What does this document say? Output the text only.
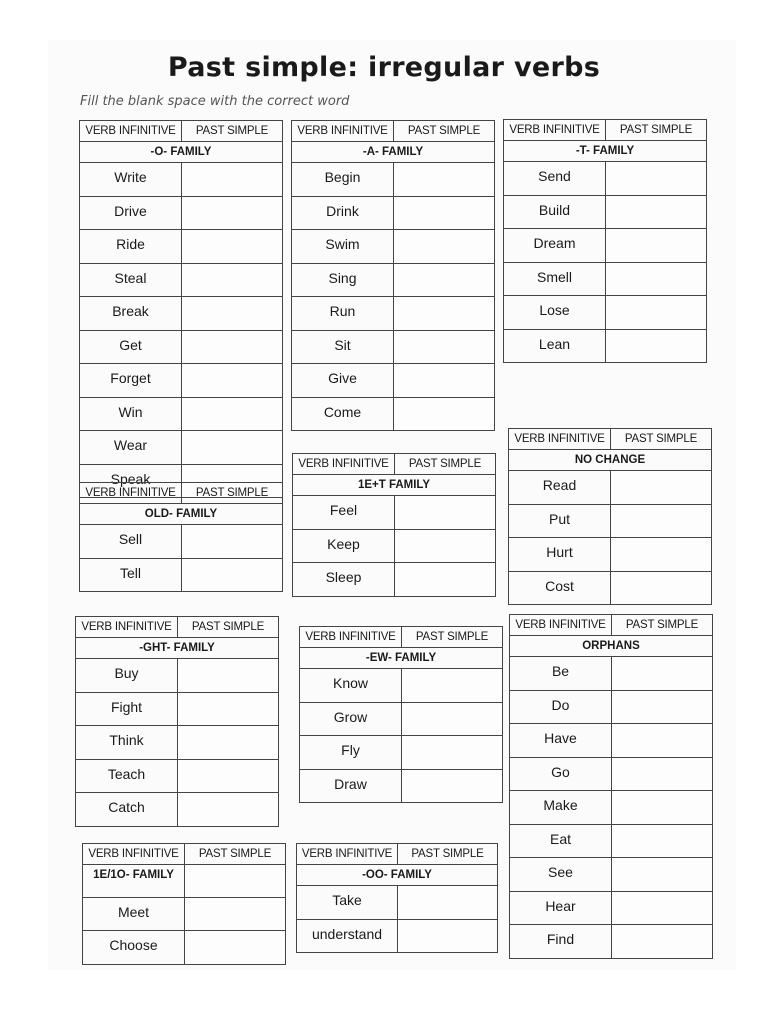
Past simple: irregular verbs
Fill the blank space with the correct word
VERB INFINITIVE	PAST SIMPLE
-O- FAMILY	
Write	
Drive	
Ride	
Steal	
Break	
Get	
Forget	
Win	
Wear	
Speak	
VERB INFINITIVE	PAST SIMPLE
-A- FAMILY	
Begin	
Drink	
Swim	
Sing	
Run	
Sit	
Give	
Come	
VERB INFINITIVE	PAST SIMPLE
-T- FAMILY	
Send	
Build	
Dream	
Smell	
Lose	
Lean	
VERB INFINITIVE	PAST SIMPLE
NO CHANGE	
Read	
Put	
Hurt	
Cost	
VERB INFINITIVE	PAST SIMPLE
1E+T FAMILY	
Feel	
Keep	
Sleep	
VERB INFINITIVE	PAST SIMPLE
OLD- FAMILY	
Sell	
Tell	
VERB INFINITIVE	PAST SIMPLE
-GHT- FAMILY	
Buy	
Fight	
Think	
Teach	
Catch	
VERB INFINITIVE	PAST SIMPLE
-EW- FAMILY	
Know	
Grow	
Fly	
Draw	
VERB INFINITIVE	PAST SIMPLE
ORPHANS	
Be	
Do	
Have	
Go	
Make	
Eat	
See	
Hear	
Find	
VERB INFINITIVE	PAST SIMPLE
1E/1O- FAMILY	
Meet	
Choose	
VERB INFINITIVE	PAST SIMPLE
-OO- FAMILY	
Take	
understand	
